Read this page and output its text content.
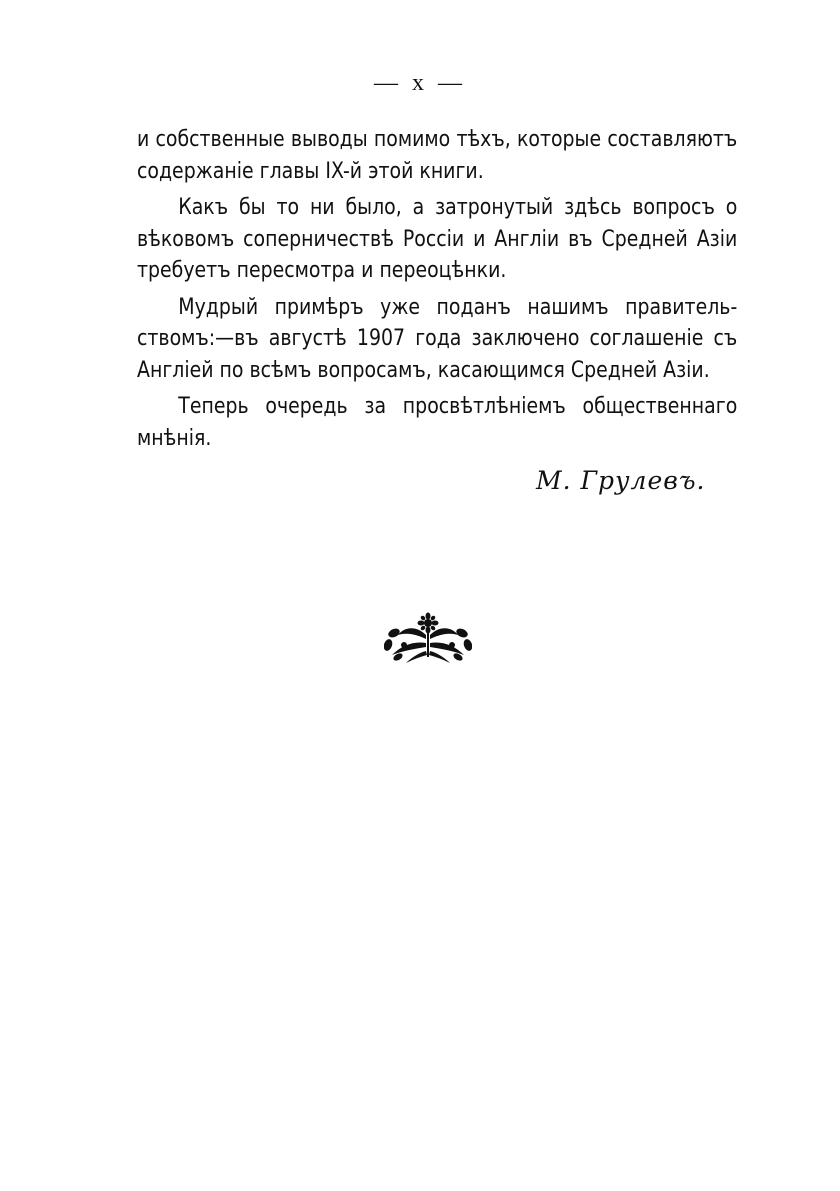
— x —
и собственные выводы помимо тѣхъ, которые составляютъ
содержаніе главы IX-й этой книги.
Какъ бы то ни было, а затронутый здѣсь вопросъ о
вѣковомъ соперничествѣ Россіи и Англіи въ Средней Азіи
требуетъ пересмотра и переоцѣнки.
Мудрый примѣръ уже поданъ нашимъ правитель-
ствомъ:—въ августѣ 1907 года заключено соглашеніе съ
Англіей по всѣмъ вопросамъ, касающимся Средней Азіи.
Теперь очередь за просвѣтлѣніемъ общественнаго
мнѣнія.
М. Грулевъ.
